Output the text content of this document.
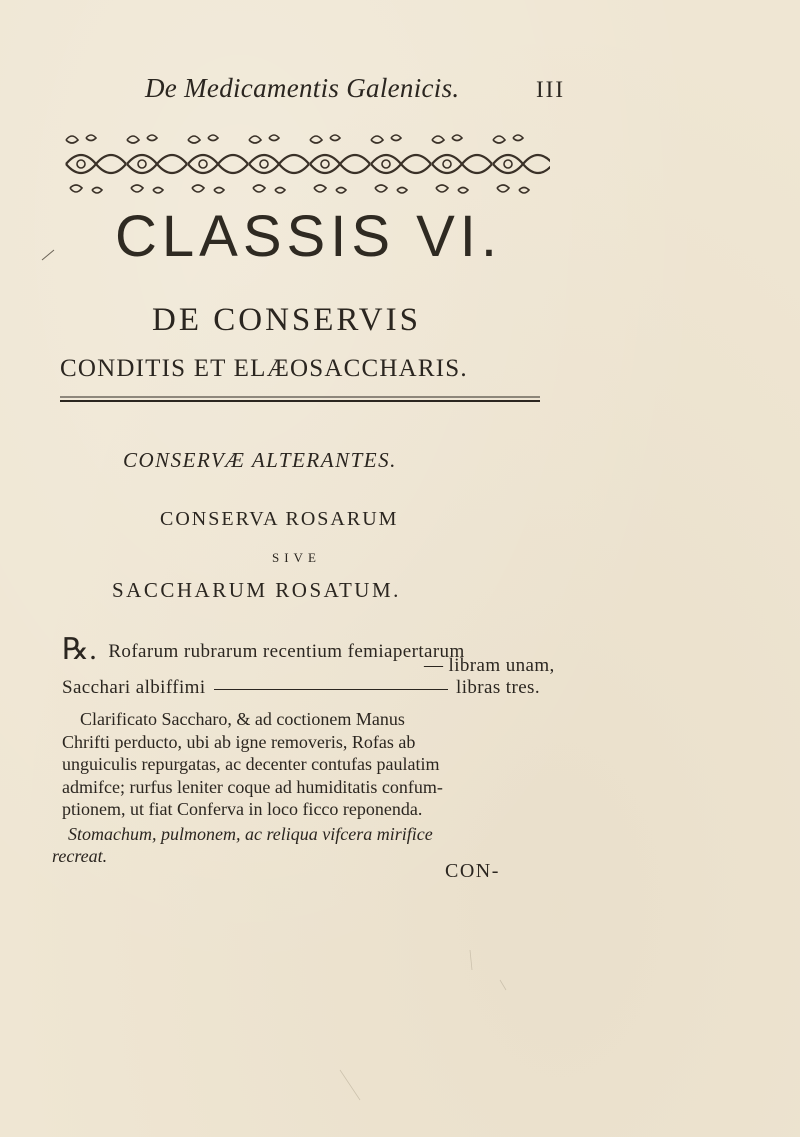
De Medicamentis Galenicis.	III
CLASSIS VI.
DE CONSERVIS
CONDITIS ET ELÆOSACCHARIS.
CONSERVÆ ALTERANTES.
CONSERVA ROSARUM
SIVE
SACCHARUM ROSATUM.
℞. Rofarum rubrarum recentium femiapertarum
— libram unam,
Sacchari albiffimi	libras tres.
Clarificato Saccharo, & ad coctionem Manus
Chrifti perducto, ubi ab igne removeris, Rofas ab
unguiculis repurgatas, ac decenter contufas paulatim
admifce; rurfus leniter coque ad humiditatis confum-
ptionem, ut fiat Conferva in loco ficco reponenda.
Stomachum, pulmonem, ac reliqua vifcera mirifice
recreat.
CON-
